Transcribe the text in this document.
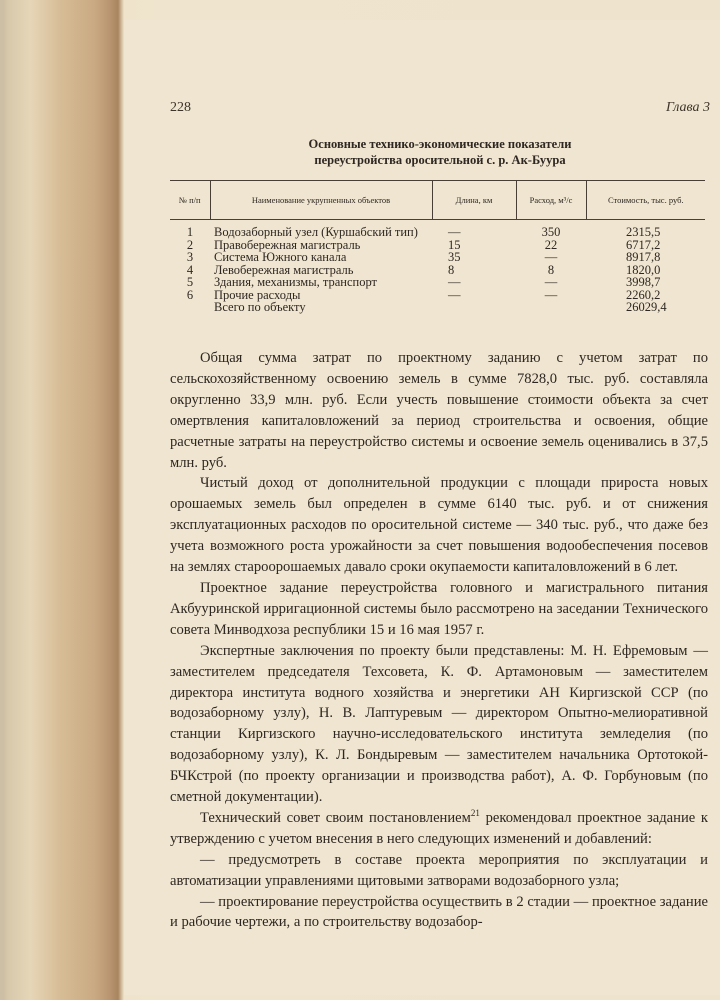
228	Глава 3
Основные технико-экономические показатели
переустройства оросительной с. р. Ак-Буура
№ п/п	Наименование укрупненных объектов	Длина, км	Расход, м³/с	Стоимость, тыс. руб.
1	Водозаборный узел (Куршабский тип)	—	350	2315,5
2	Правобережная магистраль	15	22	6717,2
3	Система Южного канала	35	—	8917,8
4	Левобережная магистраль	8	8	1820,0
5	Здания, механизмы, транспорт	—	—	3998,7
6	Прочие расходы	—	—	2260,2
	Всего по объекту			26029,4

Общая сумма затрат по проектному заданию с учетом затрат по сельскохозяйственному освоению земель в сумме 7828,0 тыс. руб. составляла округленно 33,9 млн. руб. Если учесть повышение стоимости объекта за счет омертвления капиталовложений за период строительства и освоения, общие расчетные затраты на переустройство системы и освоение земель оценивались в 37,5 млн. руб.

Чистый доход от дополнительной продукции с площади прироста новых орошаемых земель был определен в сумме 6140 тыс. руб. и от снижения эксплуатационных расходов по оросительной системе — 340 тыс. руб., что даже без учета возможного роста урожайности за счет повышения водообеспечения посевов на землях староорошаемых давало сроки окупаемости капиталовложений в 6 лет.

Проектное задание переустройства головного и магистрального питания Акбууринской ирригационной системы было рассмотрено на заседании Технического совета Минводхоза республики 15 и 16 мая 1957 г.

Экспертные заключения по проекту были представлены: М. Н. Ефремовым — заместителем председателя Техсовета, К. Ф. Артамоновым — заместителем директора института водного хозяйства и энергетики АН Киргизской ССР (по водозаборному узлу), Н. В. Лаптуревым — директором Опытно-мелиоративной станции Киргизского научно-исследовательского института земледелия (по водозаборному узлу), К. Л. Бондыревым — заместителем начальника Ортотокой-БЧКстрой (по проекту организации и производства работ), А. Ф. Горбуновым (по сметной документации).

Технический совет своим постановлением$^{21}$ рекомендовал проектное задание к утверждению с учетом внесения в него следующих изменений и добавлений:

— предусмотреть в составе проекта мероприятия по эксплуатации и автоматизации управлениями щитовыми затворами водозаборного узла;

— проектирование переустройства осуществить в 2 стадии — проектное задание и рабочие чертежи, а по строительству водозабор-
